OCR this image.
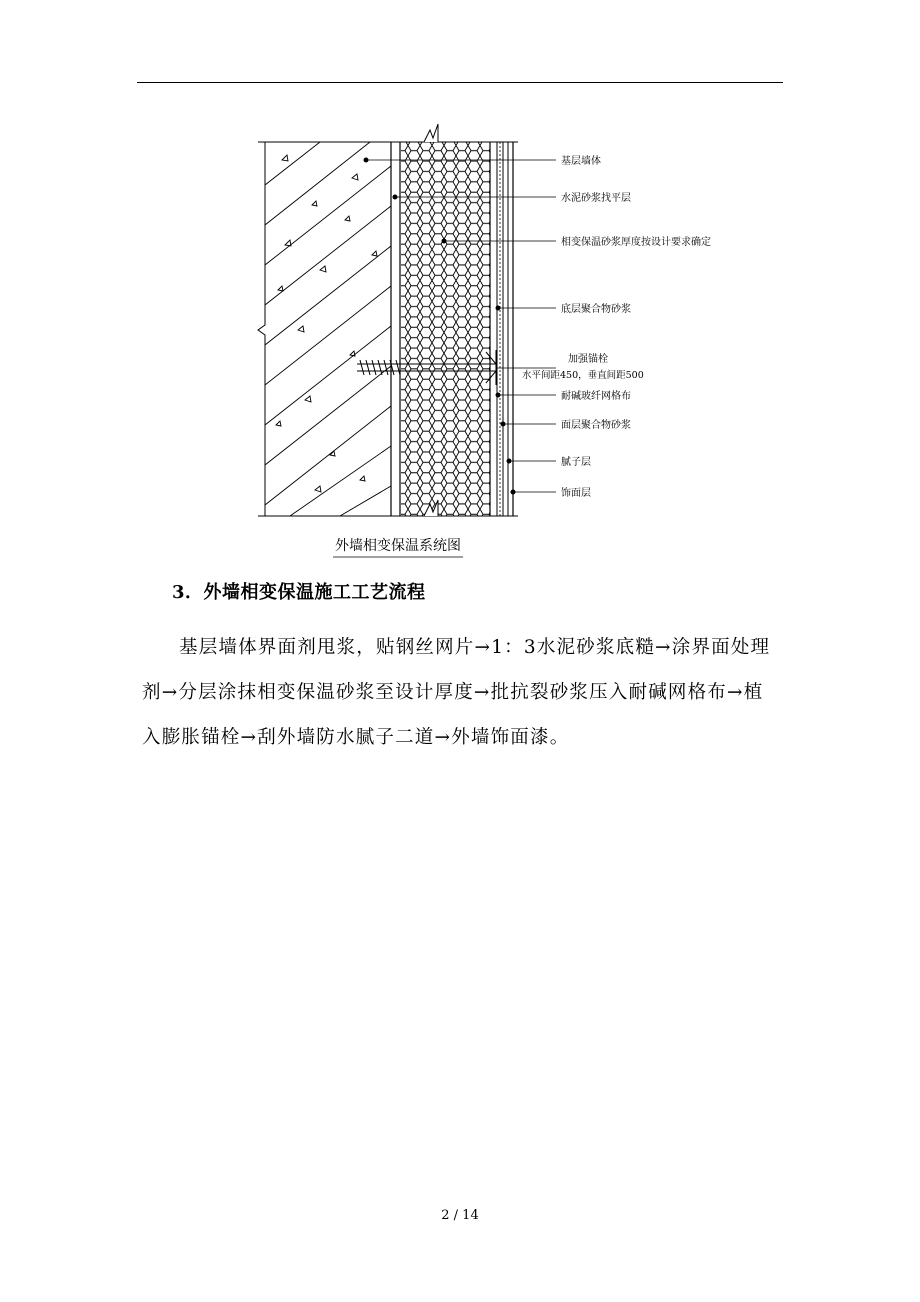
基层墙体
水泥砂浆找平层
相变保温砂浆厚度按设计要求确定
底层聚合物砂浆
加强锚栓
水平间距450，垂直间距500
耐碱玻纤网格布
面层聚合物砂浆
腻子层
饰面层
外墙相变保温系统图
3．外墙相变保温施工工艺流程
基层墙体界面剂甩浆，贴钢丝网片→1：3水泥砂浆底糙→涂界面处理剂→分层涂抹相变保温砂浆至设计厚度→批抗裂砂浆压入耐碱网格布→植入膨胀锚栓→刮外墙防水腻子二道→外墙饰面漆。
2 / 14
